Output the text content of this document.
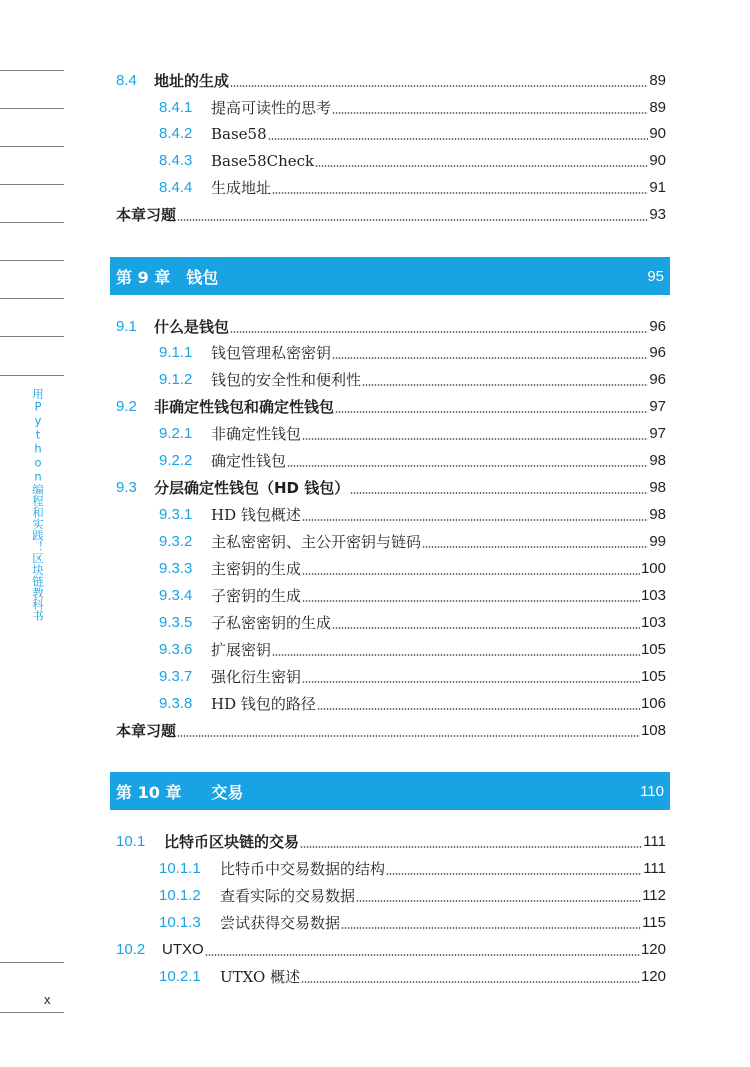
用Python编程和实践！区块链教科书
x
8.4	地址的生成	89
8.4.1	提高可读性的思考	89
8.4.2	Base58	90
8.4.3	Base58Check	90
8.4.4	生成地址	91
本章习题	93
第 9 章 钱包	95
9.1	什么是钱包	96
9.1.1	钱包管理私密密钥	96
9.1.2	钱包的安全性和便利性	96
9.2	非确定性钱包和确定性钱包	97
9.2.1	非确定性钱包	97
9.2.2	确定性钱包	98
9.3	分层确定性钱包（HD 钱包）	98
9.3.1	HD 钱包概述	98
9.3.2	主私密密钥、主公开密钥与链码	99
9.3.3	主密钥的生成	100
9.3.4	子密钥的生成	103
9.3.5	子私密密钥的生成	103
9.3.6	扩展密钥	105
9.3.7	强化衍生密钥	105
9.3.8	HD 钱包的路径	106
本章习题	108
第 10 章 交易	110
10.1	比特币区块链的交易	111
10.1.1	比特币中交易数据的结构	111
10.1.2	查看实际的交易数据	112
10.1.3	尝试获得交易数据	115
10.2	UTXO	120
10.2.1	UTXO 概述	120
